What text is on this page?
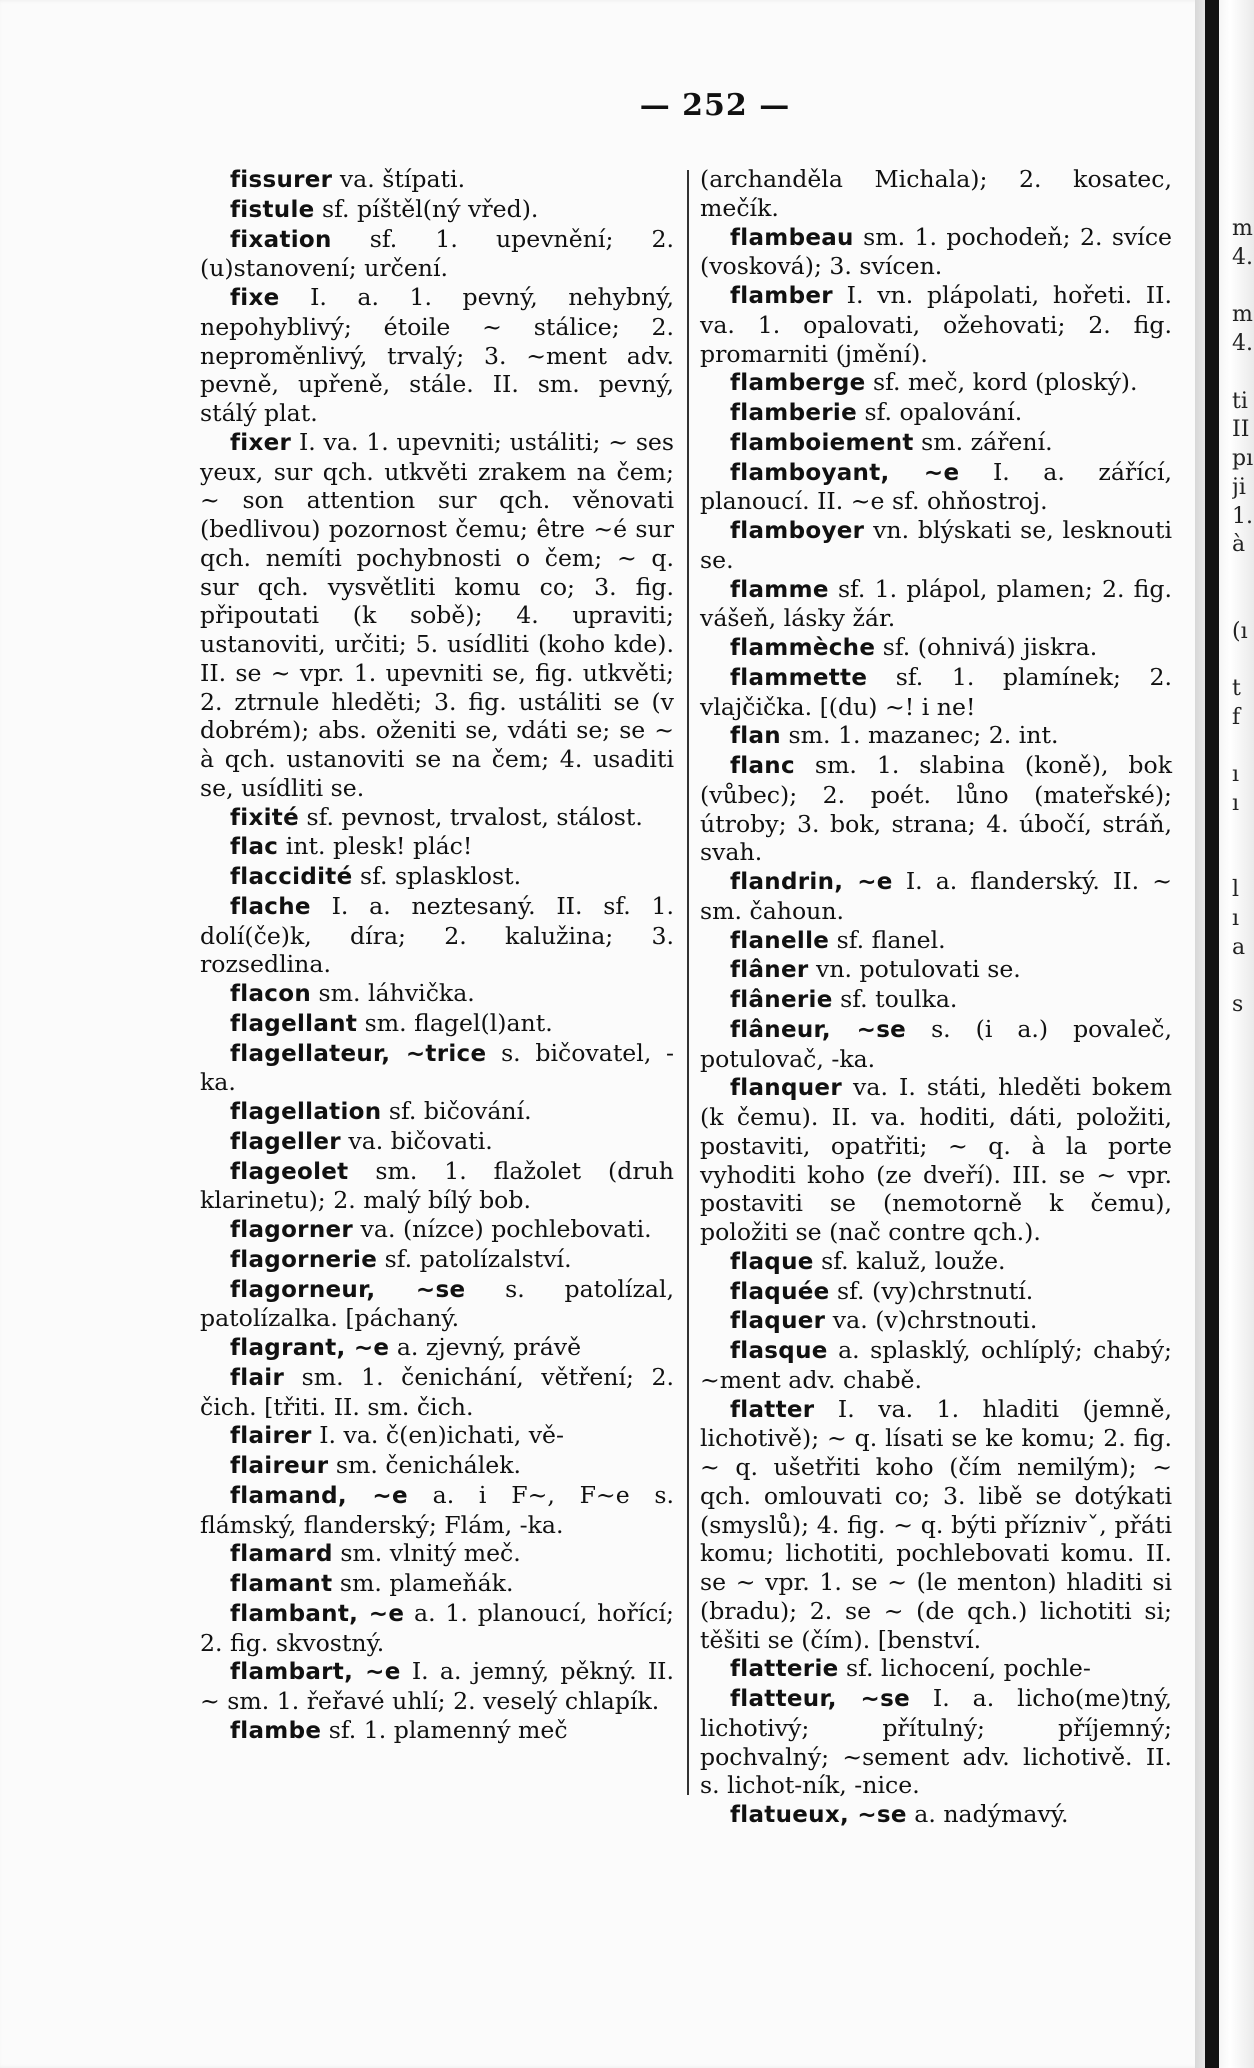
— 252 —

fissurer va. štípati.

fistule sf. píštěl(ný vřed).

fixation sf. 1. upevnění; 2. (u)stanovení; určení.

fixe I. a. 1. pevný, nehybný, nepohyblivý; étoile ~ stálice; 2. neproměnlivý, trvalý; 3. ~ment adv. pevně, upřeně, stále. II. sm. pevný, stálý plat.

fixer I. va. 1. upevniti; ustáliti; ~ ses yeux, sur qch. utkvěti zrakem na čem; ~ son attention sur qch. věnovati (bedlivou) pozornost čemu; être ~é sur qch. nemíti pochybnosti o čem; ~ q. sur qch. vysvětliti komu co; 3. fig. připoutati (k sobě); 4. upraviti; ustanoviti, určiti; 5. usídliti (koho kde). II. se ~ vpr. 1. upevniti se, fig. utkvěti; 2. ztrnule hleděti; 3. fig. ustáliti se (v dobrém); abs. oženiti se, vdáti se; se ~ à qch. ustanoviti se na čem; 4. usaditi se, usídliti se.

fixité sf. pevnost, trvalost, stálost.

flac int. plesk! plác!

flaccidité sf. splasklost.

flache I. a. neztesaný. II. sf. 1. dolí(če)k, díra; 2. kalužina; 3. rozsedlina.

flacon sm. láhvička.

flagellant sm. flagel(l)ant.

flagellateur, ~trice s. bičovatel, -ka.

flagellation sf. bičování.

flageller va. bičovati.

flageolet sm. 1. flažolet (druh klarinetu); 2. malý bílý bob.

flagorner va. (nízce) pochlebovati.

flagornerie sf. patolízalství.

flagorneur, ~se s. patolízal, patolízalka. [páchaný.

flagrant, ~e a. zjevný, právě

flair sm. 1. čenichání, větření; 2. čich. [třiti. II. sm. čich.

flairer I. va. č(en)ichati, vě-

flaireur sm. čenichálek.

flamand, ~e a. i F~, F~e s. flámský, flanderský; Flám, -ka.

flamard sm. vlnitý meč.

flamant sm. plameňák.

flambant, ~e a. 1. planoucí, hořící; 2. fig. skvostný.

flambart, ~e I. a. jemný, pěkný. II. ~ sm. 1. řeřavé uhlí; 2. veselý chlapík.

flambe sf. 1. plamenný meč

(archanděla Michala); 2. kosatec, mečík.

flambeau sm. 1. pochodeň; 2. svíce (vosková); 3. svícen.

flamber I. vn. plápolati, hořeti. II. va. 1. opalovati, ožehovati; 2. fig. promarniti (jmění).

flamberge sf. meč, kord (ploský).

flamberie sf. opalování.

flamboiement sm. záření.

flamboyant, ~e I. a. zářící, planoucí. II. ~e sf. ohňostroj.

flamboyer vn. blýskati se, lesknouti se.

flamme sf. 1. plápol, plamen; 2. fig. vášeň, lásky žár.

flammèche sf. (ohnivá) jiskra.

flammette sf. 1. plamínek; 2. vlajčička. [(du) ~! i ne!

flan sm. 1. mazanec; 2. int.

flanc sm. 1. slabina (koně), bok (vůbec); 2. poét. lůno (mateřské); útroby; 3. bok, strana; 4. úbočí, stráň, svah.

flandrin, ~e I. a. flanderský. II. ~ sm. čahoun.

flanelle sf. flanel.

flâner vn. potulovati se.

flânerie sf. toulka.

flâneur, ~se s. (i a.) povaleč, potulovač, -ka.

flanquer va. I. státi, hleděti bokem (k čemu). II. va. hoditi, dáti, položiti, postaviti, opatřiti; ~ q. à la porte vyhoditi koho (ze dveří). III. se ~ vpr. postaviti se (nemotorně k čemu), položiti se (nač contre qch.).

flaque sf. kaluž, louže.

flaquée sf. (vy)chrstnutí.

flaquer va. (v)chrstnouti.

flasque a. splasklý, ochlíplý; chabý; ~ment adv. chabě.

flatter I. va. 1. hladiti (jemně, lichotivě); ~ q. lísati se ke komu; 2. fig. ~ q. ušetřiti koho (čím nemilým); ~ qch. omlouvati co; 3. libě se dotýkati (smyslů); 4. fig. ~ q. býti příznivˇ, přáti komu; lichotiti, pochlebovati komu. II. se ~ vpr. 1. se ~ (le menton) hladiti si (bradu); 2. se ~ (de qch.) lichotiti si; těšiti se (čím). [benství.

flatterie sf. lichocení, pochle-

flatteur, ~se I. a. licho(me)tný, lichotivý; přítulný; příjemný; pochvalný; ~sement adv. lichotivě. II. s. lichot-ník, -nice.

flatueux, ~se a. nadýmavý.

m
4.
m
4.
ti
II
pı
ji
1.
à
(ı
t
f
ı
ı
l
ı
a
s
